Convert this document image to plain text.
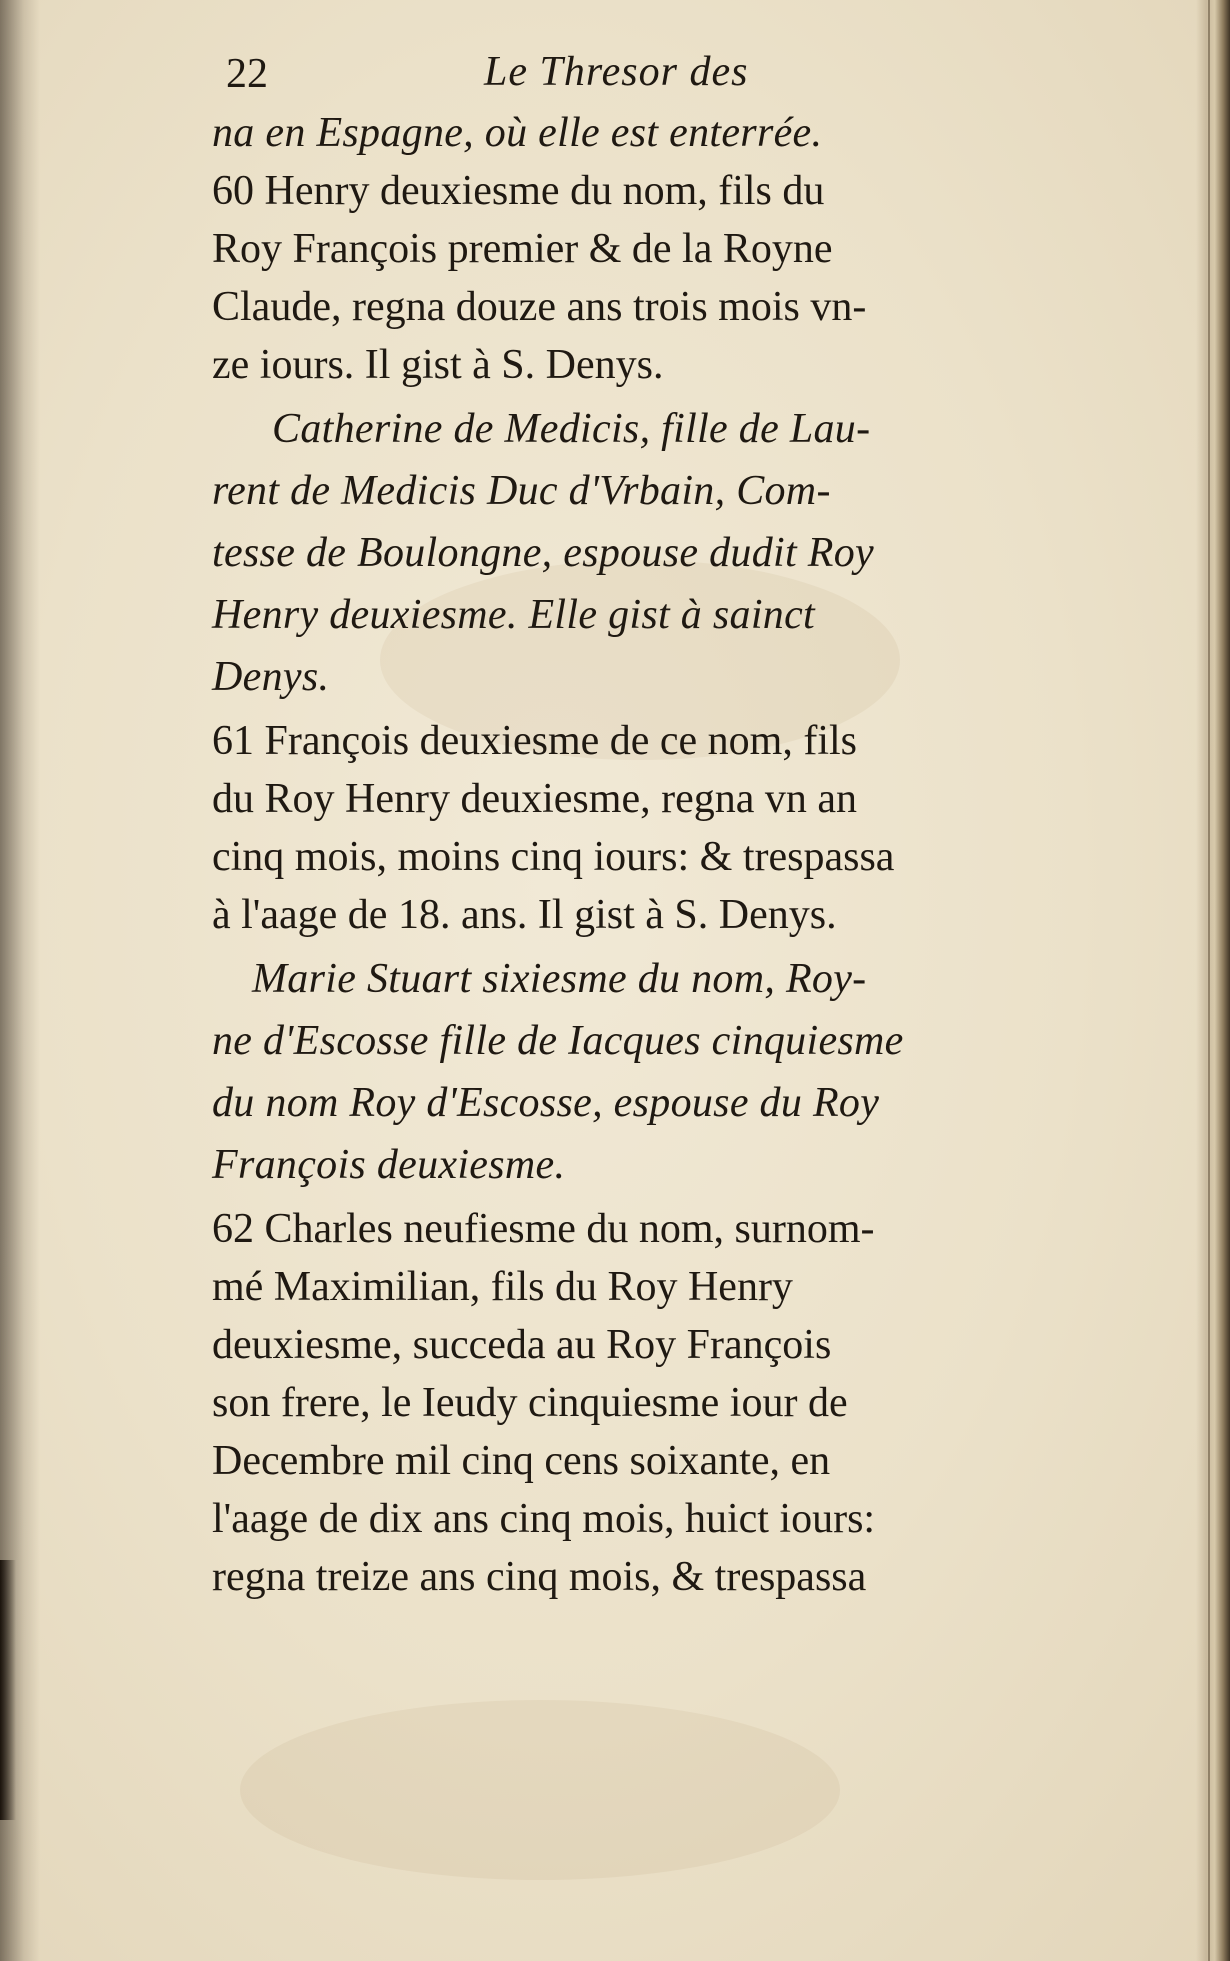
22	Le Thresor des
na en Espagne, où elle est enterrée.
60 Henry deuxiesme du nom, fils du
Roy François premier & de la Royne
Claude, regna douze ans trois mois vn-
ze iours. Il gist à S. Denys.
Catherine de Medicis, fille de Lau-
rent de Medicis Duc d'Vrbain, Com-
tesse de Boulongne, espouse dudit Roy
Henry deuxiesme. Elle gist à sainct
Denys.
61 François deuxiesme de ce nom, fils
du Roy Henry deuxiesme, regna vn an
cinq mois, moins cinq iours: & trespassa
à l'aage de 18. ans. Il gist à S. Denys.
Marie Stuart sixiesme du nom, Roy-
ne d'Escosse fille de Iacques cinquiesme
du nom Roy d'Escosse, espouse du Roy
François deuxiesme.
62 Charles neufiesme du nom, surnom-
mé Maximilian, fils du Roy Henry
deuxiesme, succeda au Roy François
son frere, le Ieudy cinquiesme iour de
Decembre mil cinq cens soixante, en
l'aage de dix ans cinq mois, huict iours:
regna treize ans cinq mois, & trespassa
